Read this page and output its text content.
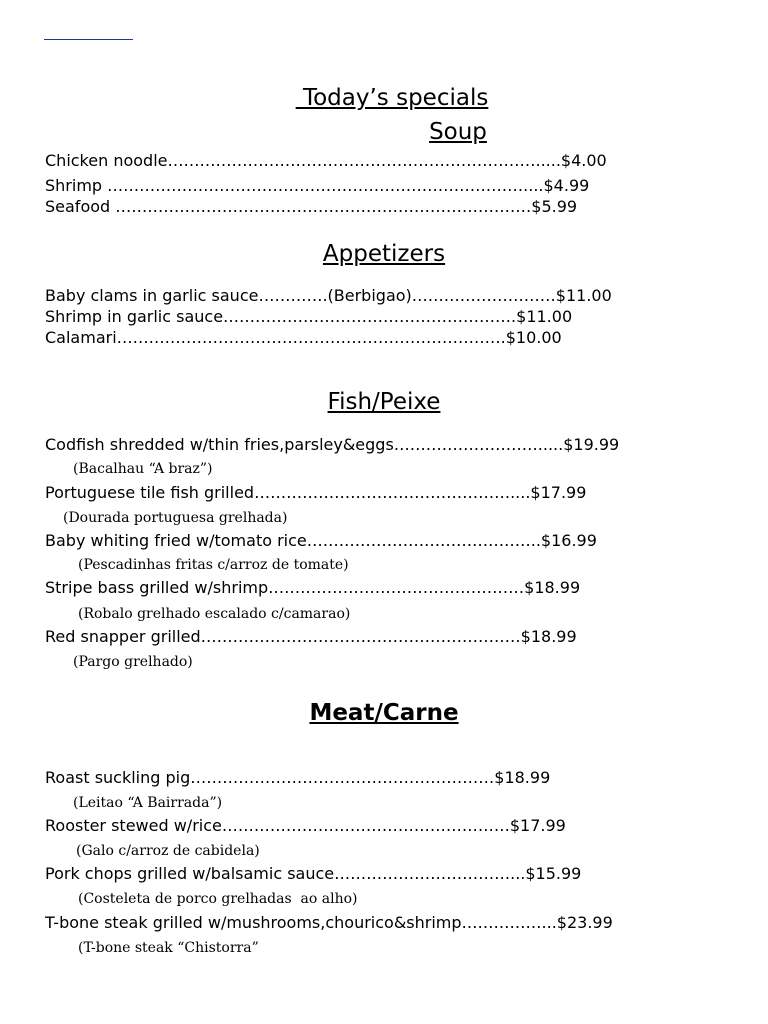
Today’s specials
Soup
Chicken noodle…………………………………………………………….....$4.00
Shrimp ……………………………………………………………………....$4.99
Seafood ……………………………………………………………………$5.99
Appetizers
Baby clams in garlic sauce………….(Berbigao)………………………$11.00
Shrimp in garlic sauce……………………………………………….$11.00
Calamari……………………………………………………………….$10.00
Fish/Peixe
Codfish shredded w/thin fries,parsley&eggs……………………….....$19.99
(Bacalhau “A braz”)
Portuguese tile fish grilled…………………………………………....$17.99
(Dourada portuguesa grelhada)
Baby whiting fried w/tomato rice……………………………………..$16.99
(Pescadinhas fritas c/arroz de tomate)
Stripe bass grilled w/shrimp…………………………………………$18.99
(Robalo grelhado escalado c/camarao)
Red snapper grilled……………………………………………………$18.99
(Pargo grelhado)
Meat/Carne
Roast suckling pig…………………………………………………$18.99
(Leitao “A Bairrada”)
Rooster stewed w/rice………………………………………………$17.99
(Galo c/arroz de cabidela)
Pork chops grilled w/balsamic sauce……………………………...$15.99
(Costeleta de porco grelhadas  ao alho)
T-bone steak grilled w/mushrooms,chourico&shrimp……………...$23.99
(T-bone steak “Chistorra”
